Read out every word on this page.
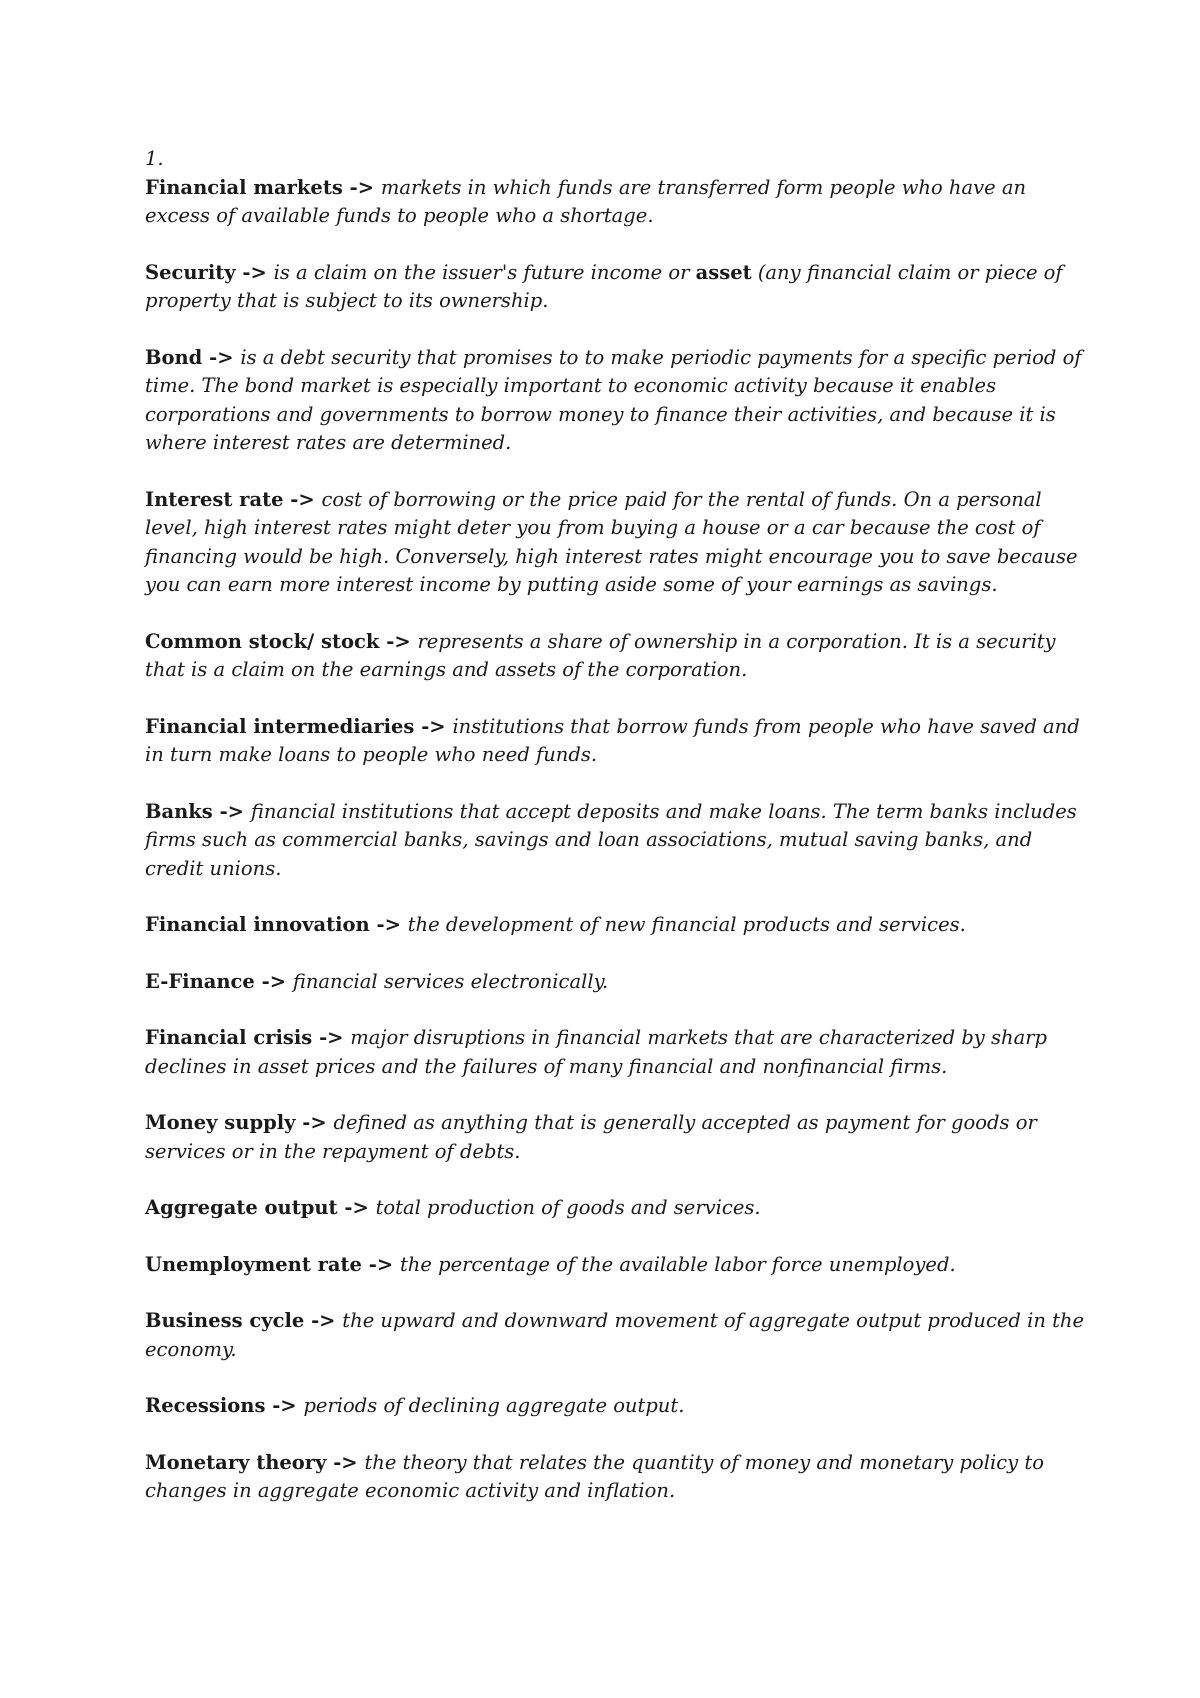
1.

Financial markets -> markets in which funds are transferred form people who have an excess of available funds to people who a shortage.

Security -> is a claim on the issuer's future income or asset (any financial claim or piece of property that is subject to its ownership.

Bond -> is a debt security that promises to to make periodic payments for a specific period of time. The bond market is especially important to economic activity because it enables corporations and governments to borrow money to finance their activities, and because it is where interest rates are determined.

Interest rate -> cost of borrowing or the price paid for the rental of funds. On a personal level, high interest rates might deter you from buying a house or a car because the cost of financing would be high. Conversely, high interest rates might encourage you to save because you can earn more interest income by putting aside some of your earnings as savings.

Common stock/ stock -> represents a share of ownership in a corporation. It is a security that is a claim on the earnings and assets of the corporation.

Financial intermediaries -> institutions that borrow funds from people who have saved and in turn make loans to people who need funds.

Banks -> financial institutions that accept deposits and make loans. The term banks includes firms such as commercial banks, savings and loan associations, mutual saving banks, and credit unions.

Financial innovation -> the development of new financial products and services.

E-Finance -> financial services electronically.

Financial crisis -> major disruptions in financial markets that are characterized by sharp declines in asset prices and the failures of many financial and nonfinancial firms.

Money supply -> defined as anything that is generally accepted as payment for goods or services or in the repayment of debts.

Aggregate output -> total production of goods and services.

Unemployment rate -> the percentage of the available labor force unemployed.

Business cycle -> the upward and downward movement of aggregate output produced in the economy.

Recessions -> periods of declining aggregate output.

Monetary theory -> the theory that relates the quantity of money and monetary policy to changes in aggregate economic activity and inflation.
